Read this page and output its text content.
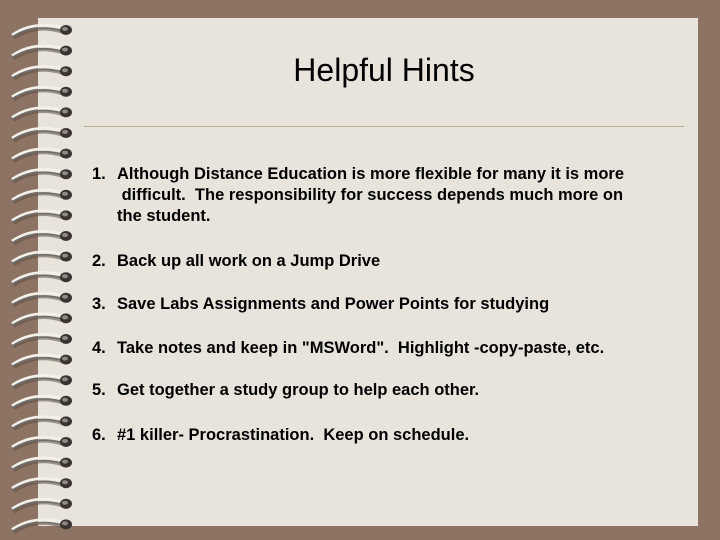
Helpful Hints
1. Although Distance Education is more flexible for many it is more
difficult.  The responsibility for success depends much more on
the student.
2. Back up all work on a Jump Drive
3. Save Labs Assignments and Power Points for studying
4. Take notes and keep in "MSWord".  Highlight -copy-paste, etc.
5. Get together a study group to help each other.
6. #1 killer- Procrastination.  Keep on schedule.
